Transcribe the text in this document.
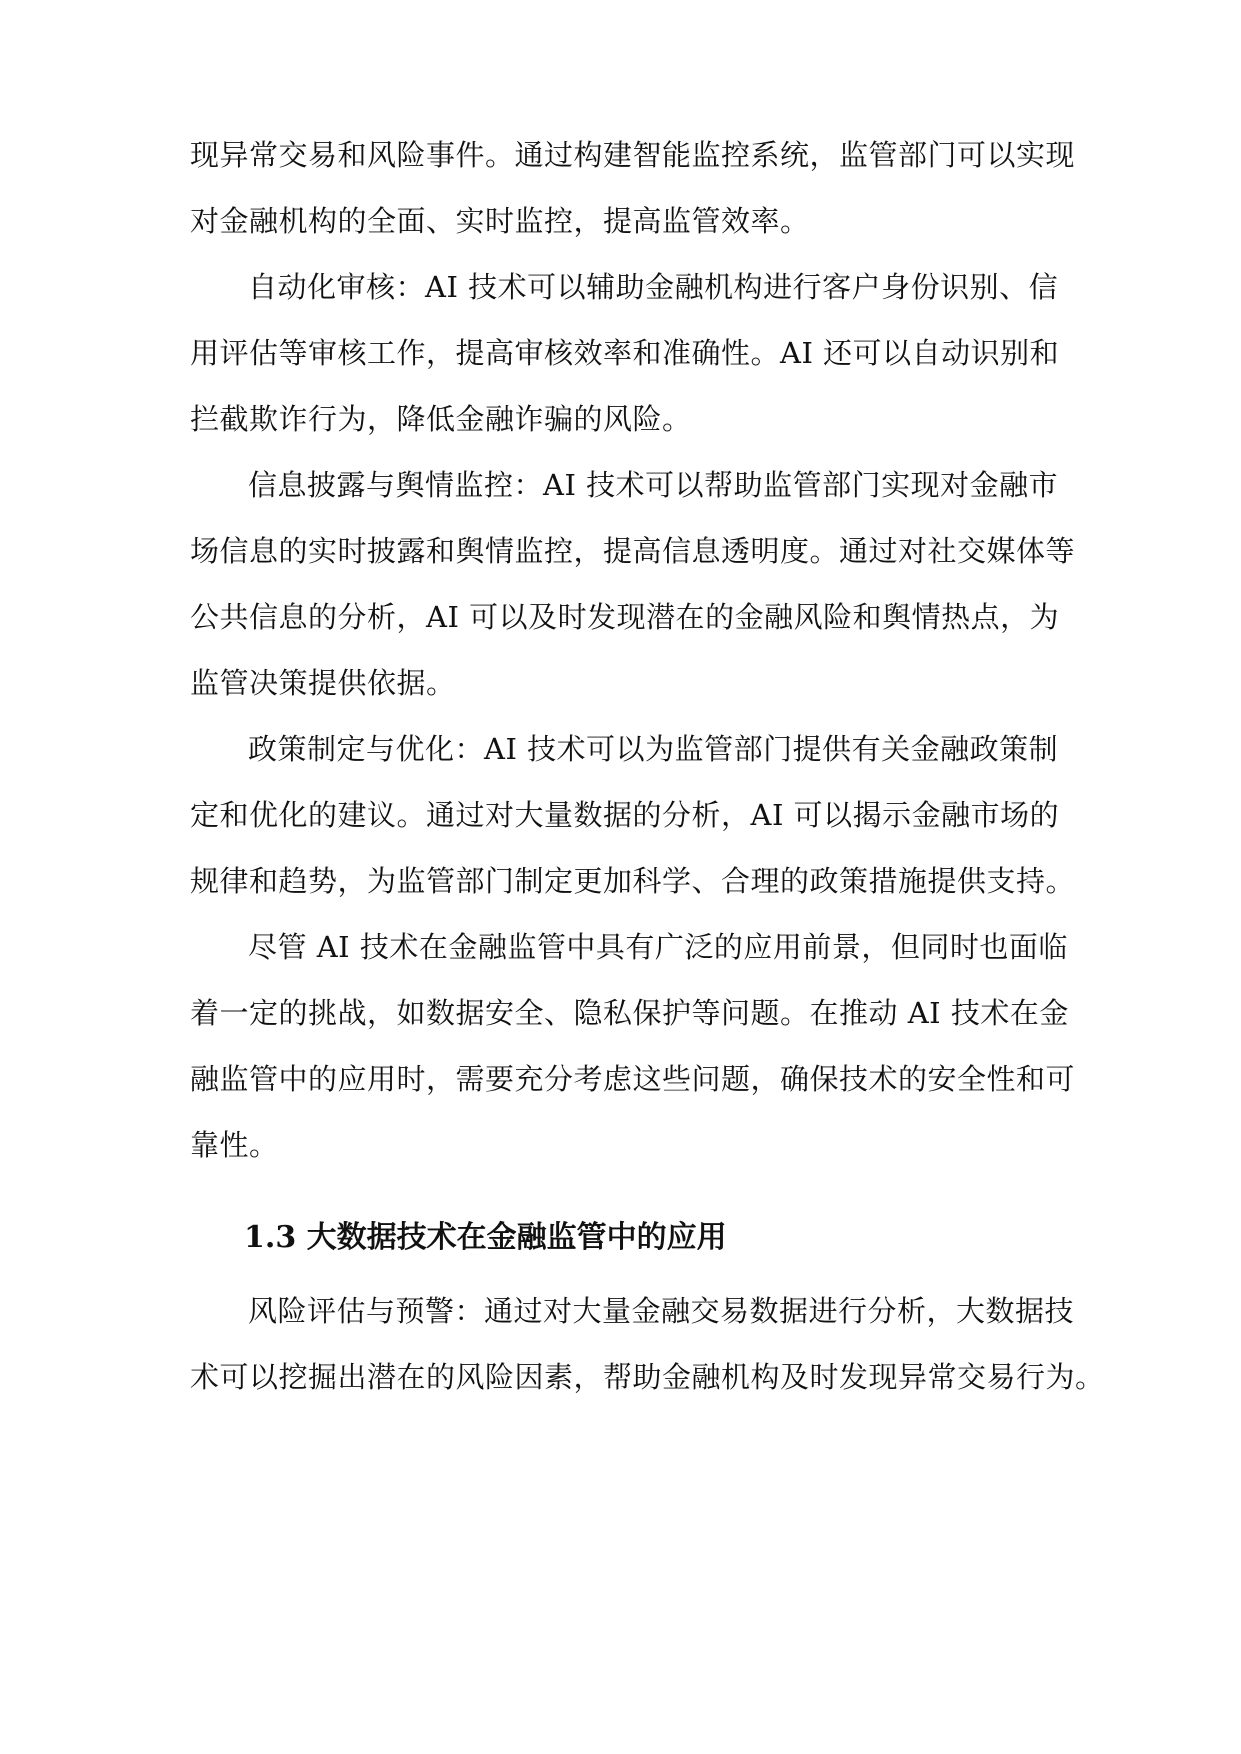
现异常交易和风险事件。通过构建智能监控系统，监管部门可以实现
对金融机构的全面、实时监控，提高监管效率。
自动化审核：AI 技术可以辅助金融机构进行客户身份识别、信
用评估等审核工作，提高审核效率和准确性。AI 还可以自动识别和
拦截欺诈行为，降低金融诈骗的风险。
信息披露与舆情监控：AI 技术可以帮助监管部门实现对金融市
场信息的实时披露和舆情监控，提高信息透明度。通过对社交媒体等
公共信息的分析，AI 可以及时发现潜在的金融风险和舆情热点，为
监管决策提供依据。
政策制定与优化：AI 技术可以为监管部门提供有关金融政策制
定和优化的建议。通过对大量数据的分析，AI 可以揭示金融市场的
规律和趋势，为监管部门制定更加科学、合理的政策措施提供支持。
尽管 AI 技术在金融监管中具有广泛的应用前景，但同时也面临
着一定的挑战，如数据安全、隐私保护等问题。在推动 AI 技术在金
融监管中的应用时，需要充分考虑这些问题，确保技术的安全性和可
靠性。
1.3 大数据技术在金融监管中的应用
风险评估与预警：通过对大量金融交易数据进行分析，大数据技
术可以挖掘出潜在的风险因素，帮助金融机构及时发现异常交易行为。
